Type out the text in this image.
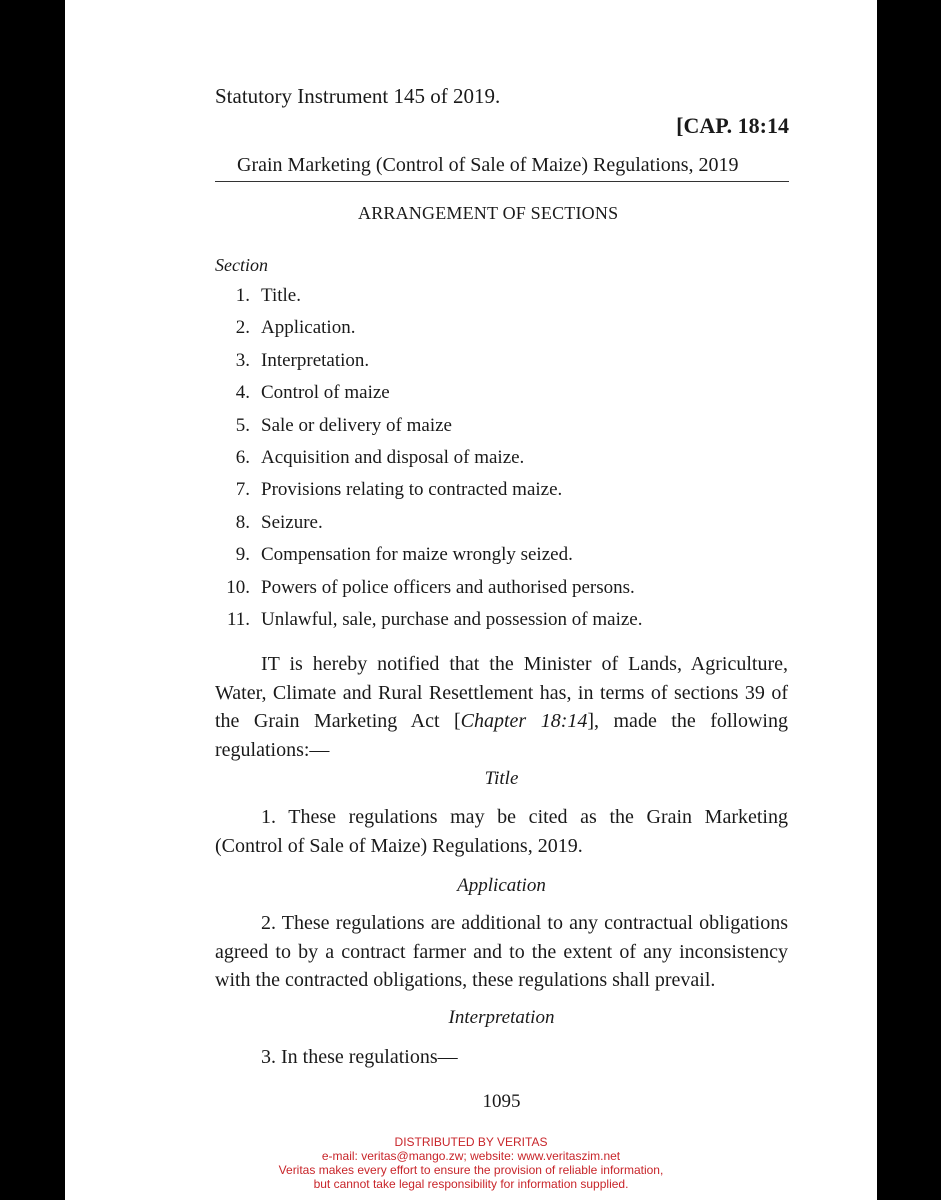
Statutory Instrument 145 of 2019.

[CAP. 18:14

Grain Marketing (Control of Sale of Maize) Regulations, 2019

ARRANGEMENT OF SECTIONS

Section

1. Title.
2. Application.
3. Interpretation.
4. Control of maize
5. Sale or delivery of maize
6. Acquisition and disposal of maize.
7. Provisions relating to contracted maize.
8. Seizure.
9. Compensation for maize wrongly seized.
10. Powers of police officers and authorised persons.
11. Unlawful, sale, purchase and possession of maize.

IT is hereby notified that the Minister of Lands, Agriculture, Water, Climate and Rural Resettlement has, in terms of sections 39 of the Grain Marketing Act [Chapter 18:14], made the following regulations:—

Title

1. These regulations may be cited as the Grain Marketing (Control of Sale of Maize) Regulations, 2019.

Application

2. These regulations are additional to any contractual obligations agreed to by a contract farmer and to the extent of any inconsistency with the contracted obligations, these regulations shall prevail.

Interpretation

3. In these regulations—

1095

DISTRIBUTED BY VERITAS
e-mail: veritas@mango.zw; website: www.veritaszim.net
Veritas makes every effort to ensure the provision of reliable information,
but cannot take legal responsibility for information supplied.
